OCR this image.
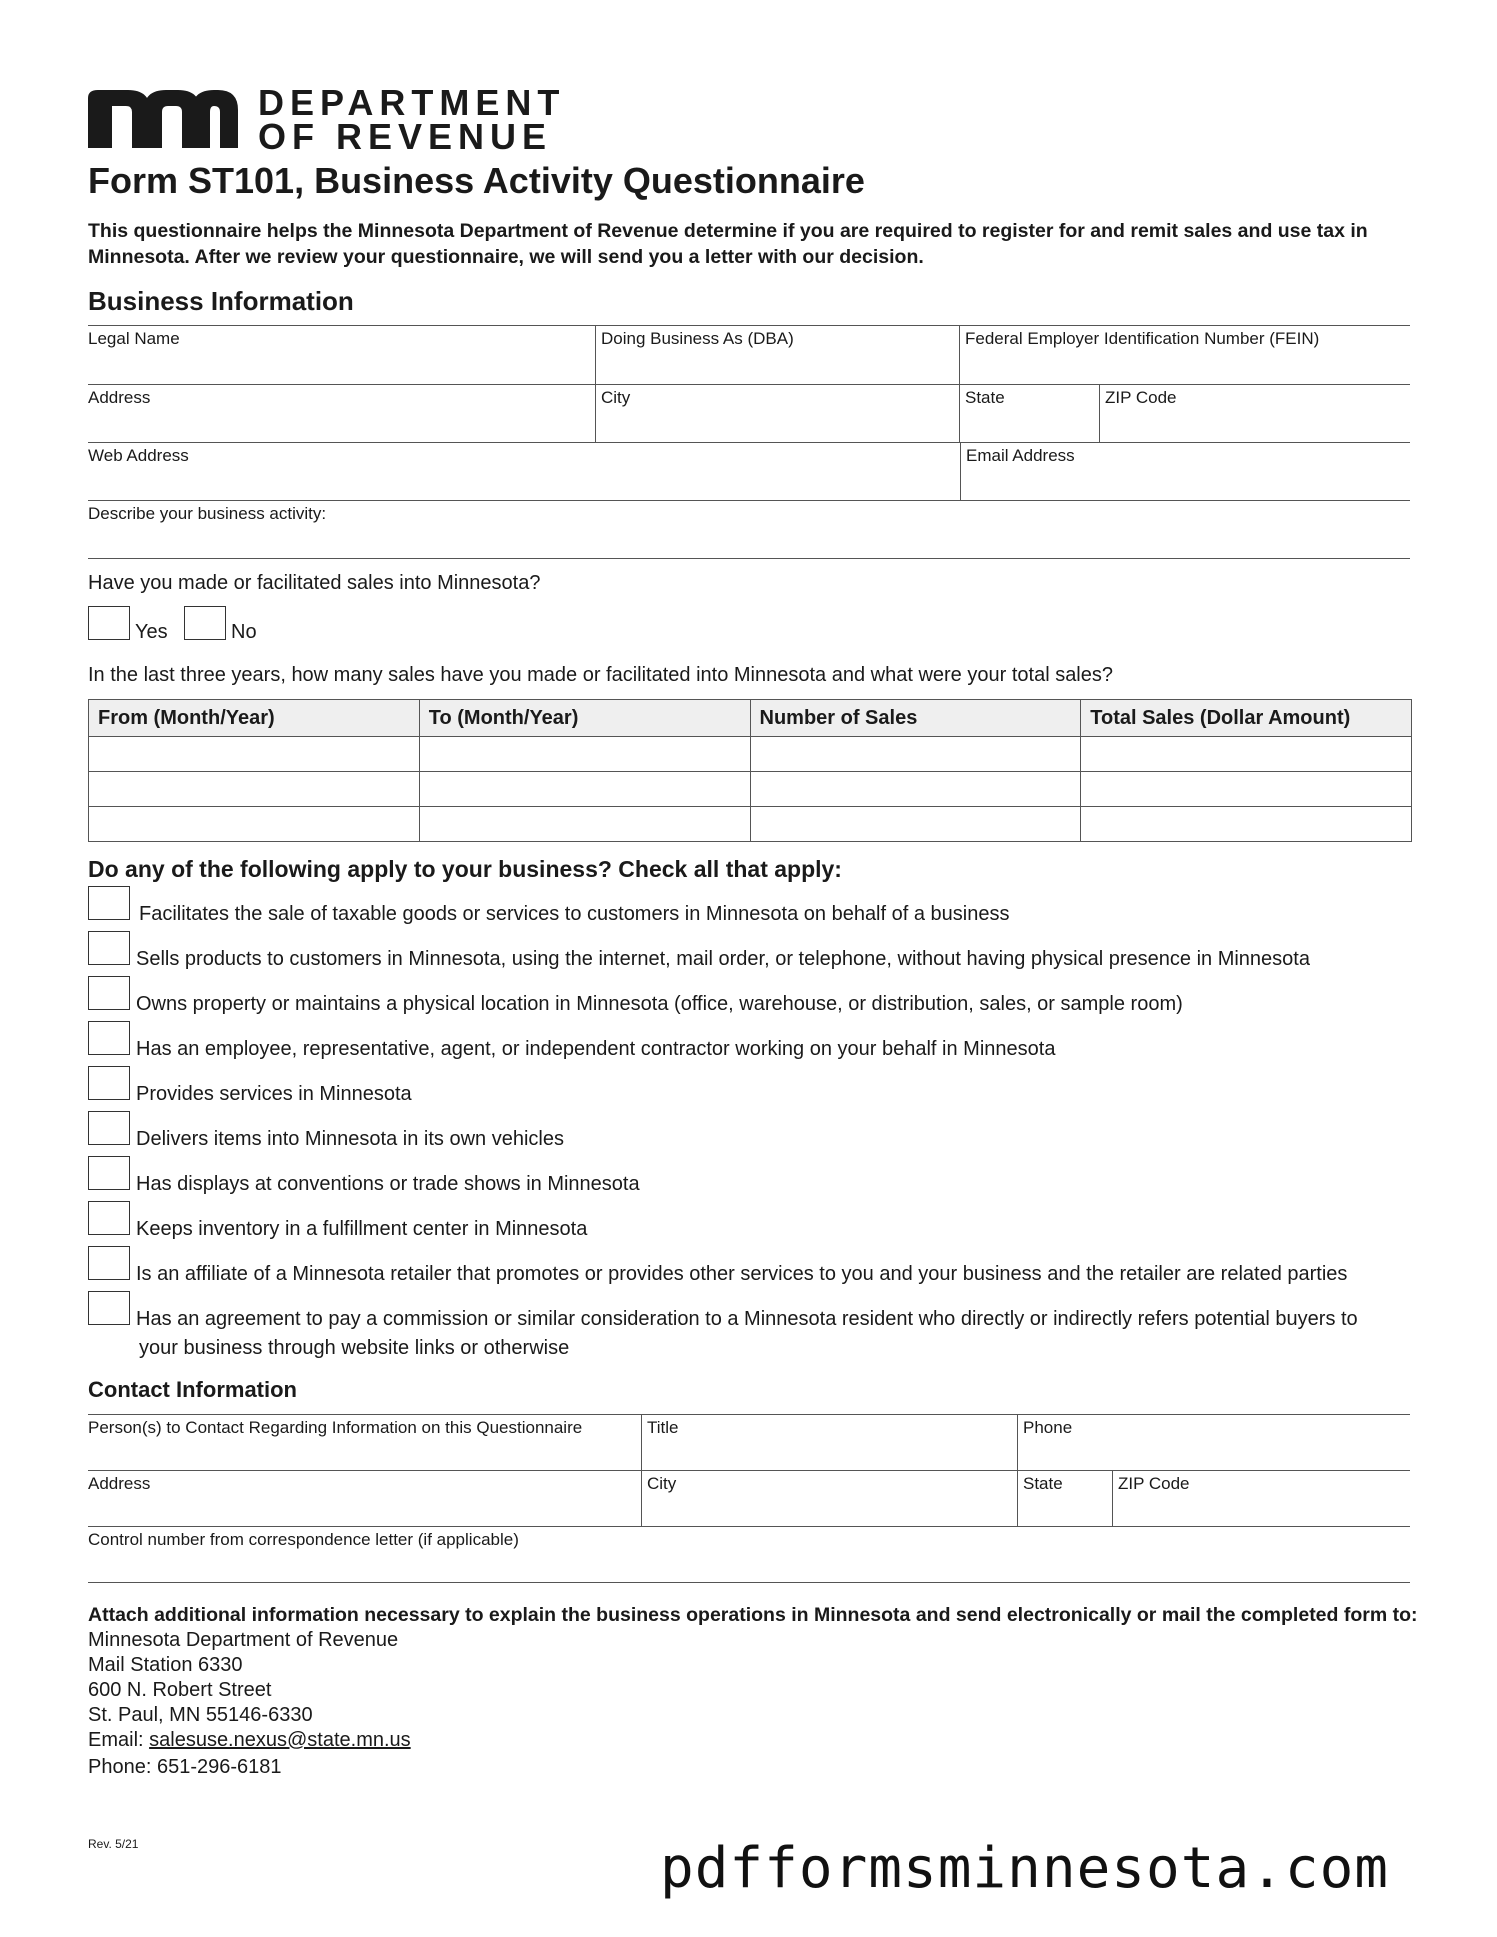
DEPARTMENT
OF REVENUE
Form ST101, Business Activity Questionnaire

This questionnaire helps the Minnesota Department of Revenue determine if you are required to register for and remit sales and use tax in Minnesota. After we review your questionnaire, we will send you a letter with our decision.

Business Information
Legal Name	Doing Business As (DBA)	Federal Employer Identification Number (FEIN)
Address	City	State	ZIP Code
Web Address	Email Address
Describe your business activity:
Have you made or facilitated sales into Minnesota?
Yes	No
In the last three years, how many sales have you made or facilitated into Minnesota and what were your total sales?
From (Month/Year)	To (Month/Year)	Number of Sales	Total Sales (Dollar Amount)

Do any of the following apply to your business? Check all that apply:
Facilitates the sale of taxable goods or services to customers in Minnesota on behalf of a business
Sells products to customers in Minnesota, using the internet, mail order, or telephone, without having physical presence in Minnesota
Owns property or maintains a physical location in Minnesota (office, warehouse, or distribution, sales, or sample room)
Has an employee, representative, agent, or independent contractor working on your behalf in Minnesota
Provides services in Minnesota
Delivers items into Minnesota in its own vehicles
Has displays at conventions or trade shows in Minnesota
Keeps inventory in a fulfillment center in Minnesota
Is an affiliate of a Minnesota retailer that promotes or provides other services to you and your business and the retailer are related parties
Has an agreement to pay a commission or similar consideration to a Minnesota resident who directly or indirectly refers potential buyers to
your business through website links or otherwise
Contact Information
Person(s) to Contact Regarding Information on this Questionnaire	Title	Phone
Address	City	State	ZIP Code
Control number from correspondence letter (if applicable)
Attach additional information necessary to explain the business operations in Minnesota and send electronically or mail the completed form to:
Minnesota Department of Revenue
Mail Station 6330
600 N. Robert Street
St. Paul, MN 55146-6330
Email: salesuse.nexus@state.mn.us
Phone: 651-296-6181
Rev. 5/21	pdfformsminnesota.com
